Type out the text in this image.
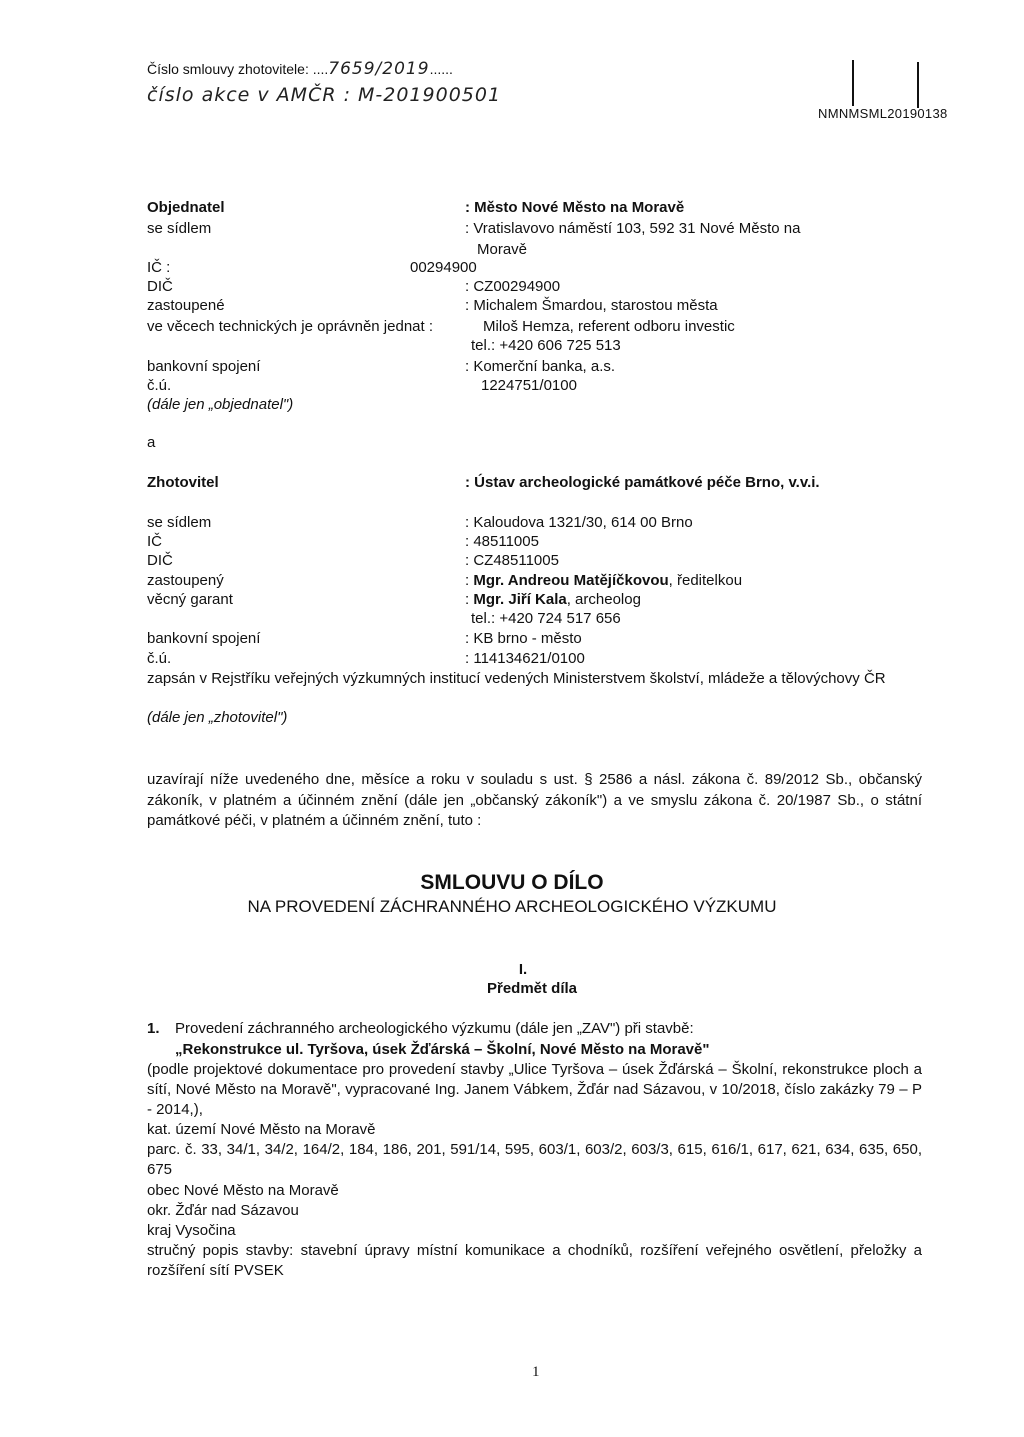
Číslo smlouvy zhotovitele: ....7659/2019......
číslo akce v AMČR : M-201900501
NMNMSML20190138
Objednatel	: Město Nové Město na Moravě
se sídlem	: Vratislavovo náměstí 103, 592 31 Nové Město na
Moravě
IČ :	00294900
DIČ	: CZ00294900
zastoupené	: Michalem Šmardou, starostou města
ve věcech technických je oprávněn jednat :	Miloš Hemza, referent odboru investic
tel.: +420 606 725 513
bankovní spojení	: Komerční banka, a.s.
č.ú.	1224751/0100
(dále jen „objednatel")
a
Zhotovitel	: Ústav archeologické památkové péče Brno, v.v.i.
se sídlem	: Kaloudova 1321/30, 614 00 Brno
IČ	: 48511005
DIČ	: CZ48511005
zastoupený	: Mgr. Andreou Matějíčkovou, ředitelkou
věcný garant	: Mgr. Jiří Kala, archeolog
tel.: +420 724 517 656
bankovní spojení	: KB brno - město
č.ú.	: 114134621/0100
zapsán v Rejstříku veřejných výzkumných institucí vedených Ministerstvem školství, mládeže a tělovýchovy ČR
(dále jen „zhotovitel")
uzavírají níže uvedeného dne, měsíce a roku v souladu s ust. § 2586 a násl. zákona č. 89/2012 Sb., občanský zákoník, v platném a účinném znění (dále jen „občanský zákoník") a ve smyslu zákona č. 20/1987 Sb., o státní památkové péči, v platném a účinném znění, tuto :
SMLOUVU O DÍLO
NA PROVEDENÍ ZÁCHRANNÉHO ARCHEOLOGICKÉHO VÝZKUMU
I.
Předmět díla
1. Provedení záchranného archeologického výzkumu (dále jen „ZAV") při stavbě:
„Rekonstrukce ul. Tyršova, úsek Žďárská – Školní, Nové Město na Moravě"
(podle projektové dokumentace pro provedení stavby „Ulice Tyršova – úsek Žďárská – Školní, rekonstrukce ploch a sítí, Nové Město na Moravě", vypracované Ing. Janem Vábkem, Žďár nad Sázavou, v 10/2018, číslo zakázky 79 – P - 2014,),
kat. území Nové Město na Moravě
parc. č. 33, 34/1, 34/2, 164/2, 184, 186, 201, 591/14, 595, 603/1, 603/2, 603/3, 615, 616/1, 617, 621, 634, 635, 650, 675
obec Nové Město na Moravě
okr. Žďár nad Sázavou
kraj Vysočina
stručný popis stavby: stavební úpravy místní komunikace a chodníků, rozšíření veřejného osvětlení, přeložky a rozšíření sítí PVSEK
1
